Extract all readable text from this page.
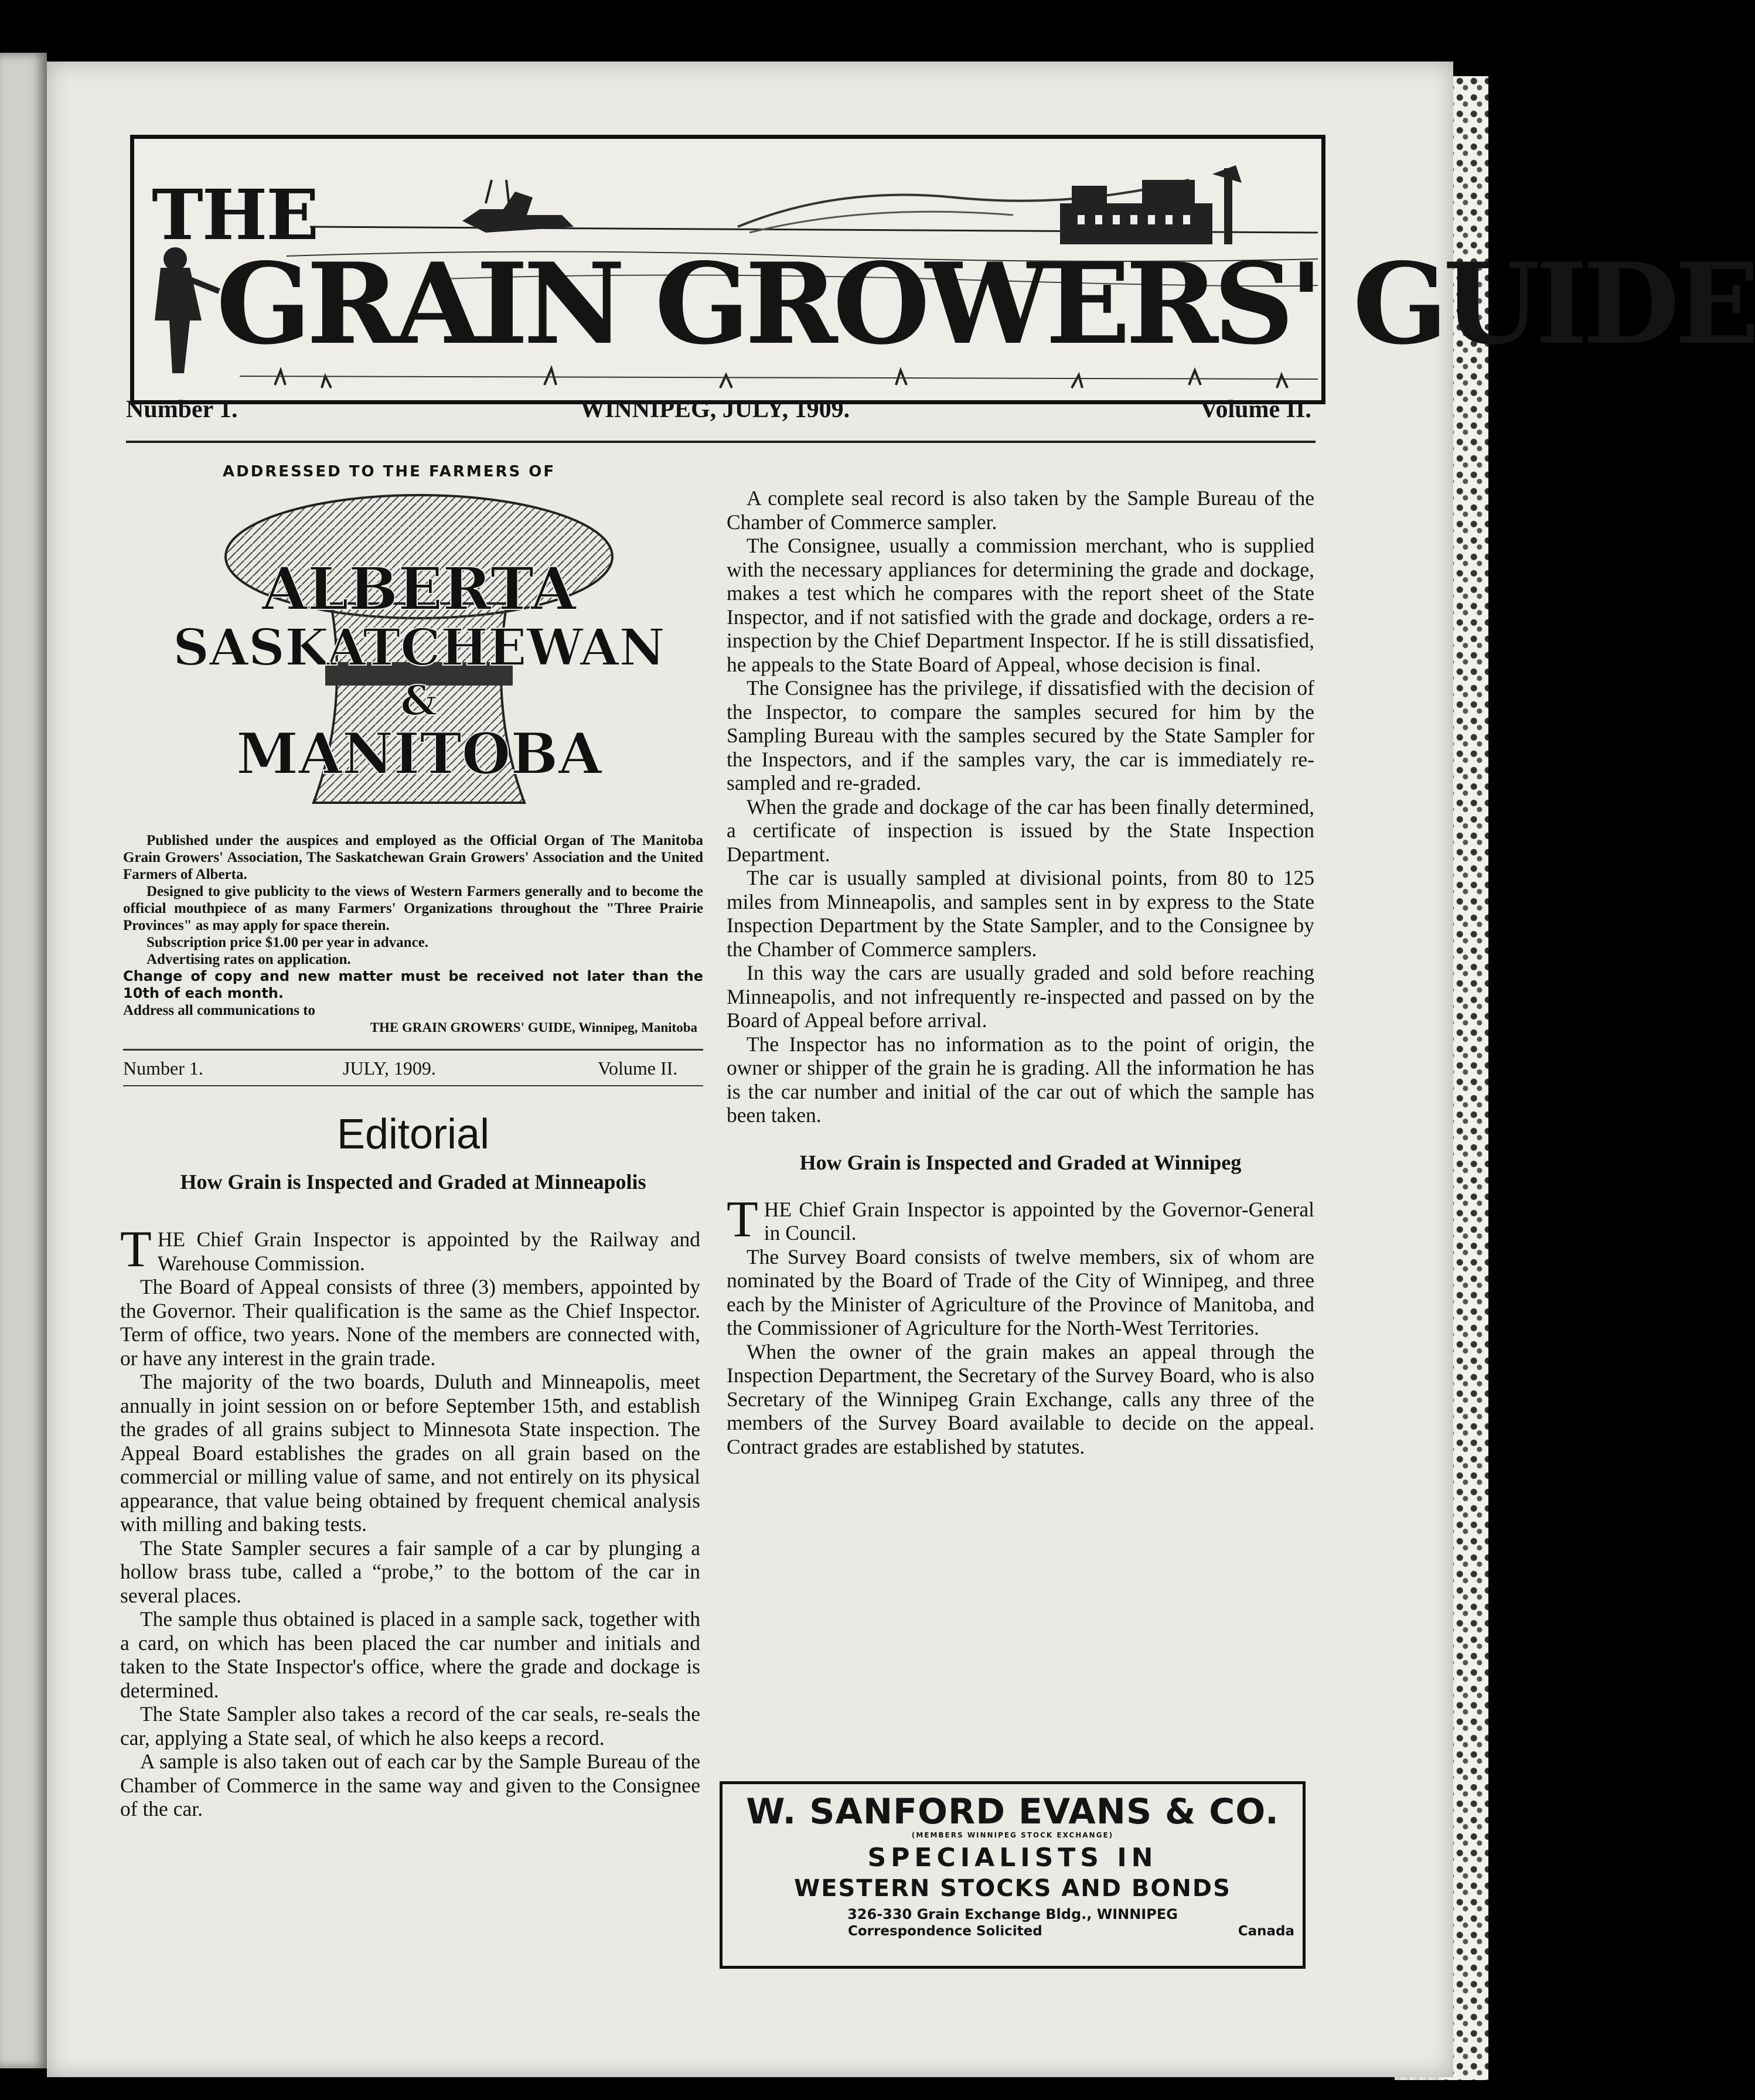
THE
GRAIN GROWERS' GUIDE
Number 1.	WINNIPEG, JULY, 1909.	Volume II.
ADDRESSED TO THE FARMERS OF
ALBERTA
SASKATCHEWAN
&
MANITOBA

Published under the auspices and employed as the Official Organ of The Manitoba Grain Growers' Association, The Saskatchewan Grain Growers' Association and the United Farmers of Alberta.

Designed to give publicity to the views of Western Farmers generally and to become the official mouthpiece of as many Farmers' Organizations throughout the "Three Prairie Provinces" as may apply for space therein.

Subscription price $1.00 per year in advance.

Advertising rates on application.

Change of copy and new matter must be received not later than the 10th of each month.

Address all communications to

THE GRAIN GROWERS' GUIDE, Winnipeg, Manitoba

Number 1.	JULY, 1909.	Volume II.
Editorial
How Grain is Inspected and Graded at Minneapolis

THE Chief Grain Inspector is appointed by the Railway and Warehouse Commission.

The Board of Appeal consists of three (3) members, appointed by the Governor. Their qualification is the same as the Chief Inspector. Term of office, two years. None of the members are connected with, or have any interest in the grain trade.

The majority of the two boards, Duluth and Minneapolis, meet annually in joint session on or before September 15th, and establish the grades of all grains subject to Minnesota State inspection. The Appeal Board establishes the grades on all grain based on the commercial or milling value of same, and not entirely on its physical appearance, that value being obtained by frequent chemical analysis with milling and baking tests.

The State Sampler secures a fair sample of a car by plunging a hollow brass tube, called a “probe,” to the bottom of the car in several places.

The sample thus obtained is placed in a sample sack, together with a card, on which has been placed the car number and initials and taken to the State Inspector's office, where the grade and dockage is determined.

The State Sampler also takes a record of the car seals, re-seals the car, applying a State seal, of which he also keeps a record.

A sample is also taken out of each car by the Sample Bureau of the Chamber of Commerce in the same way and given to the Consignee of the car.

A complete seal record is also taken by the Sample Bureau of the Chamber of Commerce sampler.

The Consignee, usually a commission merchant, who is supplied with the necessary appliances for determining the grade and dockage, makes a test which he compares with the report sheet of the State Inspector, and if not satisfied with the grade and dockage, orders a re-inspection by the Chief Department Inspector. If he is still dissatisfied, he appeals to the State Board of Appeal, whose decision is final.

The Consignee has the privilege, if dissatisfied with the decision of the Inspector, to compare the samples secured for him by the Sampling Bureau with the samples secured by the State Sampler for the Inspectors, and if the samples vary, the car is immediately re-sampled and re-graded.

When the grade and dockage of the car has been finally determined, a certificate of inspection is issued by the State Inspection Department.

The car is usually sampled at divisional points, from 80 to 125 miles from Minneapolis, and samples sent in by express to the State Inspection Department by the State Sampler, and to the Consignee by the Chamber of Commerce samplers.

In this way the cars are usually graded and sold before reaching Minneapolis, and not infrequently re-inspected and passed on by the Board of Appeal before arrival.

The Inspector has no information as to the point of origin, the owner or shipper of the grain he is grading. All the information he has is the car number and initial of the car out of which the sample has been taken.

How Grain is Inspected and Graded at Winnipeg

THE Chief Grain Inspector is appointed by the Governor-General in Council.

The Survey Board consists of twelve members, six of whom are nominated by the Board of Trade of the City of Winnipeg, and three each by the Minister of Agriculture of the Province of Manitoba, and the Commissioner of Agriculture for the North-West Territories.

When the owner of the grain makes an appeal through the Inspection Department, the Secretary of the Survey Board, who is also Secretary of the Winnipeg Grain Exchange, calls any three of the members of the Survey Board available to decide on the appeal. Contract grades are established by statutes.

W. SANFORD EVANS & CO.
(MEMBERS WINNIPEG STOCK EXCHANGE)
SPECIALISTS IN
WESTERN STOCKS AND BONDS
326-330 Grain Exchange Bldg., WINNIPEG
Correspondence Solicited	Canada
